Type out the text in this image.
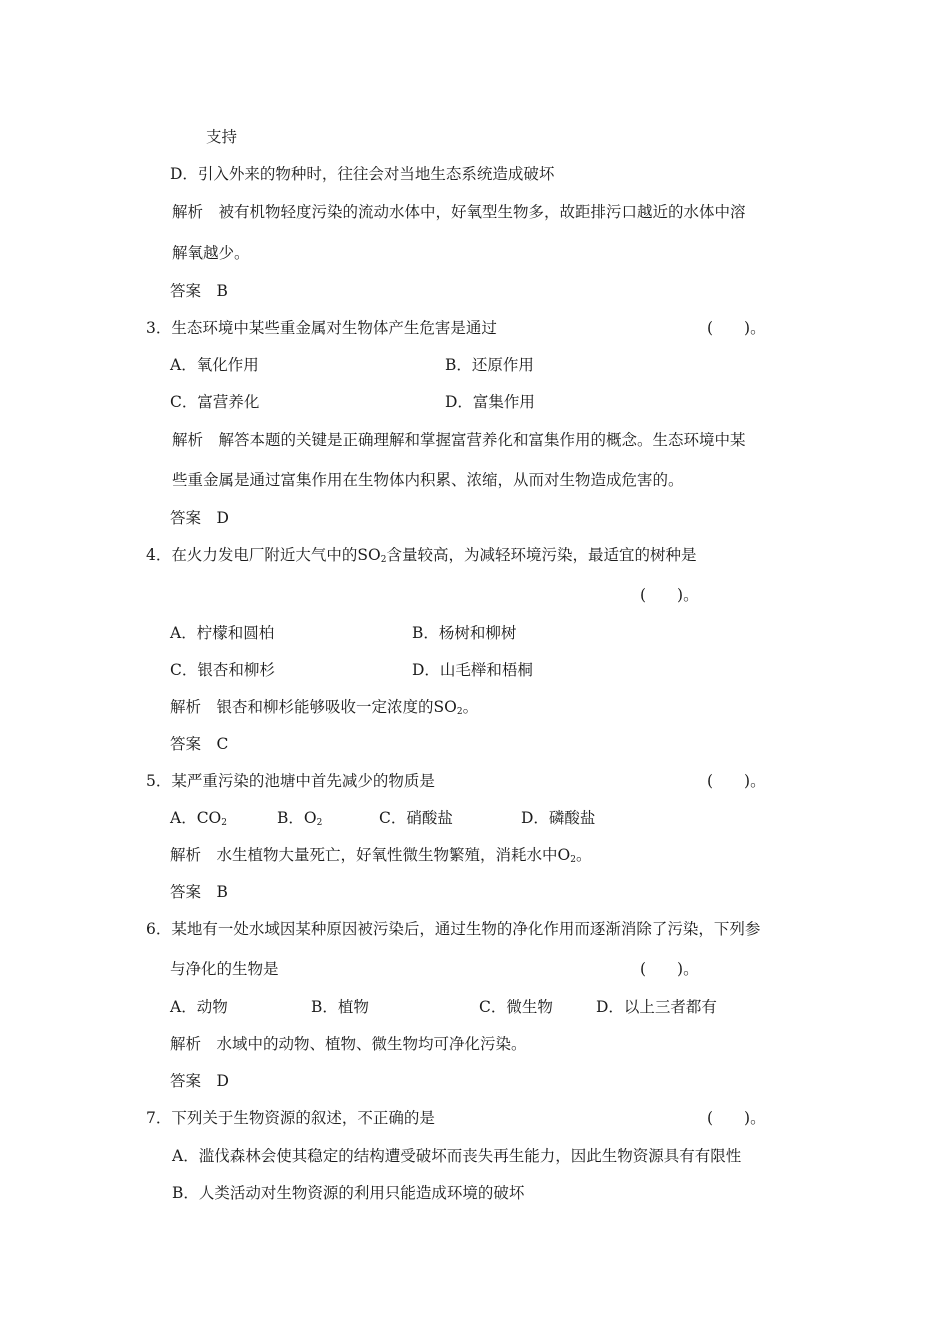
支持
D．引入外来的物种时，往往会对当地生态系统造成破坏
解析　被有机物轻度污染的流动水体中，好氧型生物多，故距排污口越近的水体中溶
解氧越少。
答案　B
3．生态环境中某些重金属对生物体产生危害是通过	(　　)。
A．氧化作用	B．还原作用
C．富营养化	D．富集作用
解析　解答本题的关键是正确理解和掌握富营养化和富集作用的概念。生态环境中某
些重金属是通过富集作用在生物体内积累、浓缩，从而对生物造成危害的。
答案　D
4．在火力发电厂附近大气中的$SO_2$含量较高，为减轻环境污染，最适宜的树种是
(　　)。
A．柠檬和圆柏	B．杨树和柳树
C．银杏和柳杉	D．山毛榉和梧桐
解析　银杏和柳杉能够吸收一定浓度的$SO_2$。
答案　C
5．某严重污染的池塘中首先减少的物质是	(　　)。
A．$CO_2$	B．$O_2$	C．硝酸盐	D．磷酸盐
解析　水生植物大量死亡，好氧性微生物繁殖，消耗水中$O_2$。
答案　B
6．某地有一处水域因某种原因被污染后，通过生物的净化作用而逐渐消除了污染，下列参
与净化的生物是	(　　)。
A．动物	B．植物	C．微生物	D．以上三者都有
解析　水域中的动物、植物、微生物均可净化污染。
答案　D
7．下列关于生物资源的叙述，不正确的是	(　　)。
A．滥伐森林会使其稳定的结构遭受破坏而丧失再生能力，因此生物资源具有有限性
B．人类活动对生物资源的利用只能造成环境的破坏
